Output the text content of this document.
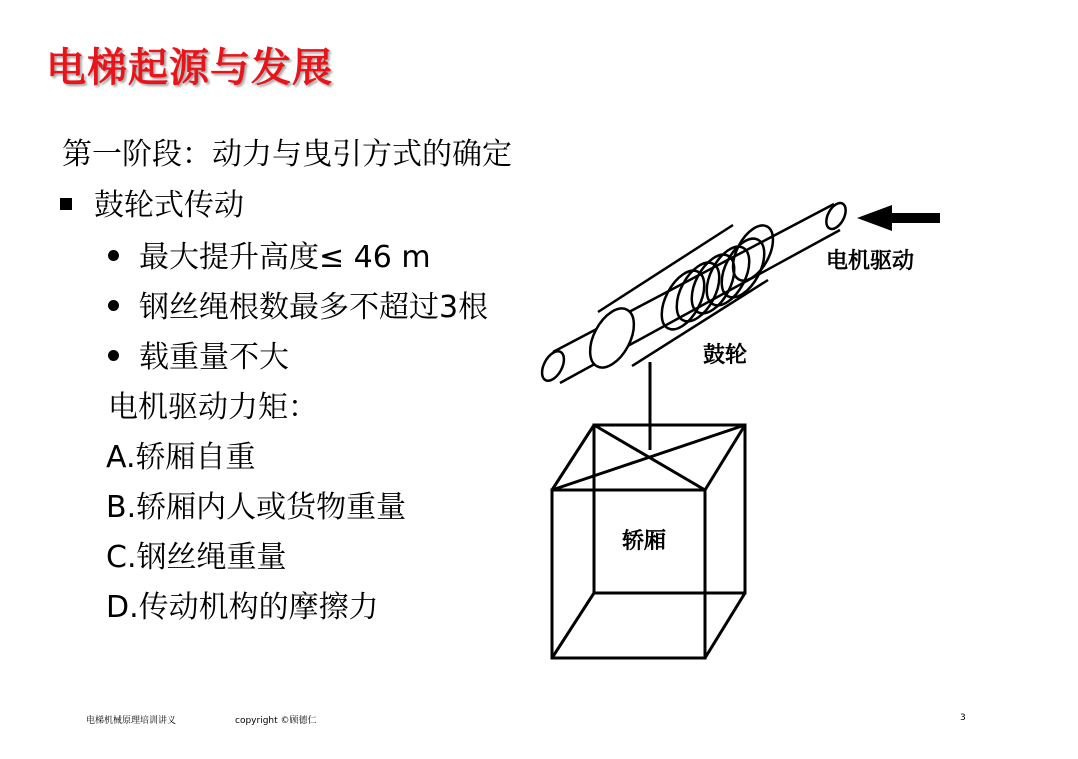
电梯起源与发展
第一阶段：动力与曳引方式的确定
鼓轮式传动
最大提升高度≤ 46 m
钢丝绳根数最多不超过3根
载重量不大
电机驱动力矩：
A.轿厢自重
B.轿厢内人或货物重量
C.钢丝绳重量
D.传动机构的摩擦力
电机驱动
鼓轮
轿厢
电梯机械原理培训讲义	copyright ©顾德仁	3
